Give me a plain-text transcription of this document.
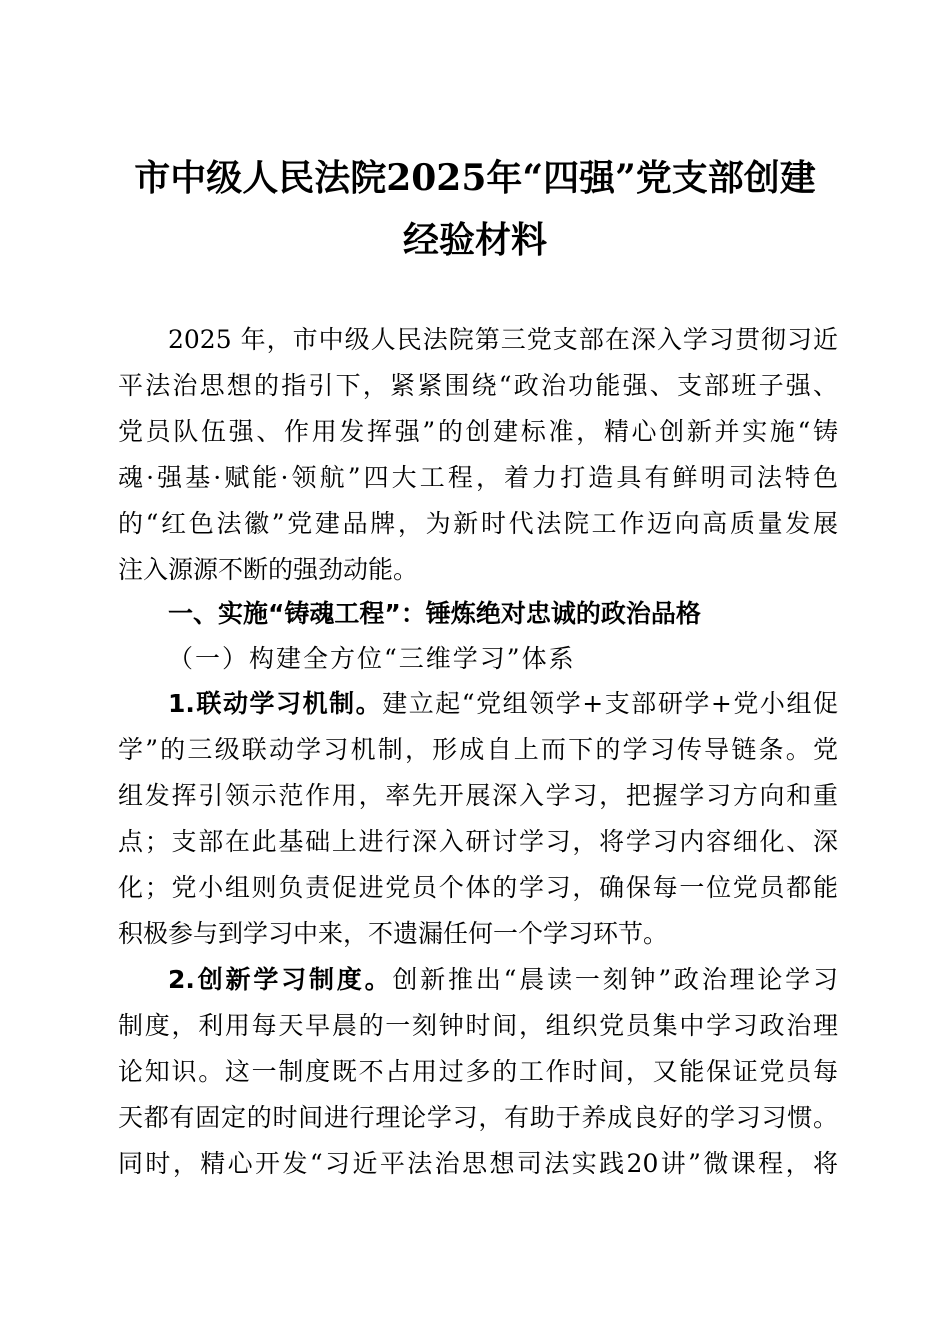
市中级人民法院2025年“四强”党支部创建
经验材料
2025 年，市中级人民法院第三党支部在深入学习贯彻习近
平法治思想的指引下，紧紧围绕“政治功能强、支部班子强、
党员队伍强、作用发挥强”的创建标准，精心创新并实施“铸
魂·强基·赋能·领航”四大工程，着力打造具有鲜明司法特色
的“红色法徽”党建品牌，为新时代法院工作迈向高质量发展
注入源源不断的强劲动能。
一、实施“铸魂工程”：锤炼绝对忠诚的政治品格
（一）构建全方位“三维学习”体系
1.联动学习机制。建立起“党组领学+支部研学+党小组促
学”的三级联动学习机制，形成自上而下的学习传导链条。党
组发挥引领示范作用，率先开展深入学习，把握学习方向和重
点；支部在此基础上进行深入研讨学习，将学习内容细化、深
化；党小组则负责促进党员个体的学习，确保每一位党员都能
积极参与到学习中来，不遗漏任何一个学习环节。
2.创新学习制度。创新推出“晨读一刻钟”政治理论学习
制度，利用每天早晨的一刻钟时间，组织党员集中学习政治理
论知识。这一制度既不占用过多的工作时间，又能保证党员每
天都有固定的时间进行理论学习，有助于养成良好的学习习惯。
同时，精心开发“习近平法治思想司法实践20讲”微课程，将
